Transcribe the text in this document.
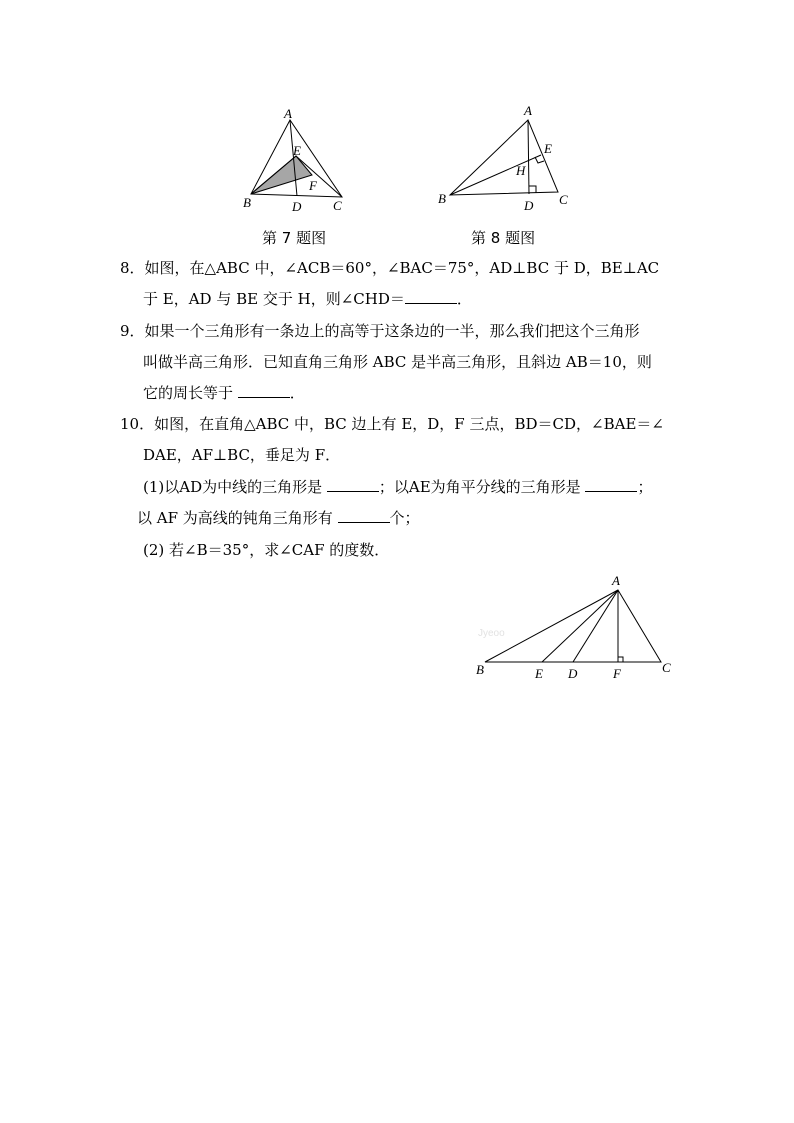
A
E
F
B	D C
第 7 题图
A
E
H
B	D C
第 8 题图
8．如图，在△ABC 中，∠ACB＝60°，∠BAC＝75°，AD⊥BC 于 D，BE⊥AC
于 E，AD 与 BE 交于 H，则∠CHD＝	．
9．如果一个三角形有一条边上的高等于这条边的一半，那么我们把这个三角形
叫做半高三角形．已知直角三角形 ABC 是半高三角形，且斜边 AB＝10，则
它的周长等于	．
10．如图，在直角△ABC 中，BC 边上有 E，D，F 三点，BD＝CD，∠BAE＝∠
DAE，AF⊥BC，垂足为 F．
(1)以AD为中线的三角形是	；以AE为角平分线的三角形是	；
以 AF 为高线的钝角三角形有	个；
(2) 若∠B＝35°，求∠CAF 的度数．
Jyeoo
A
B	E D	F	C
